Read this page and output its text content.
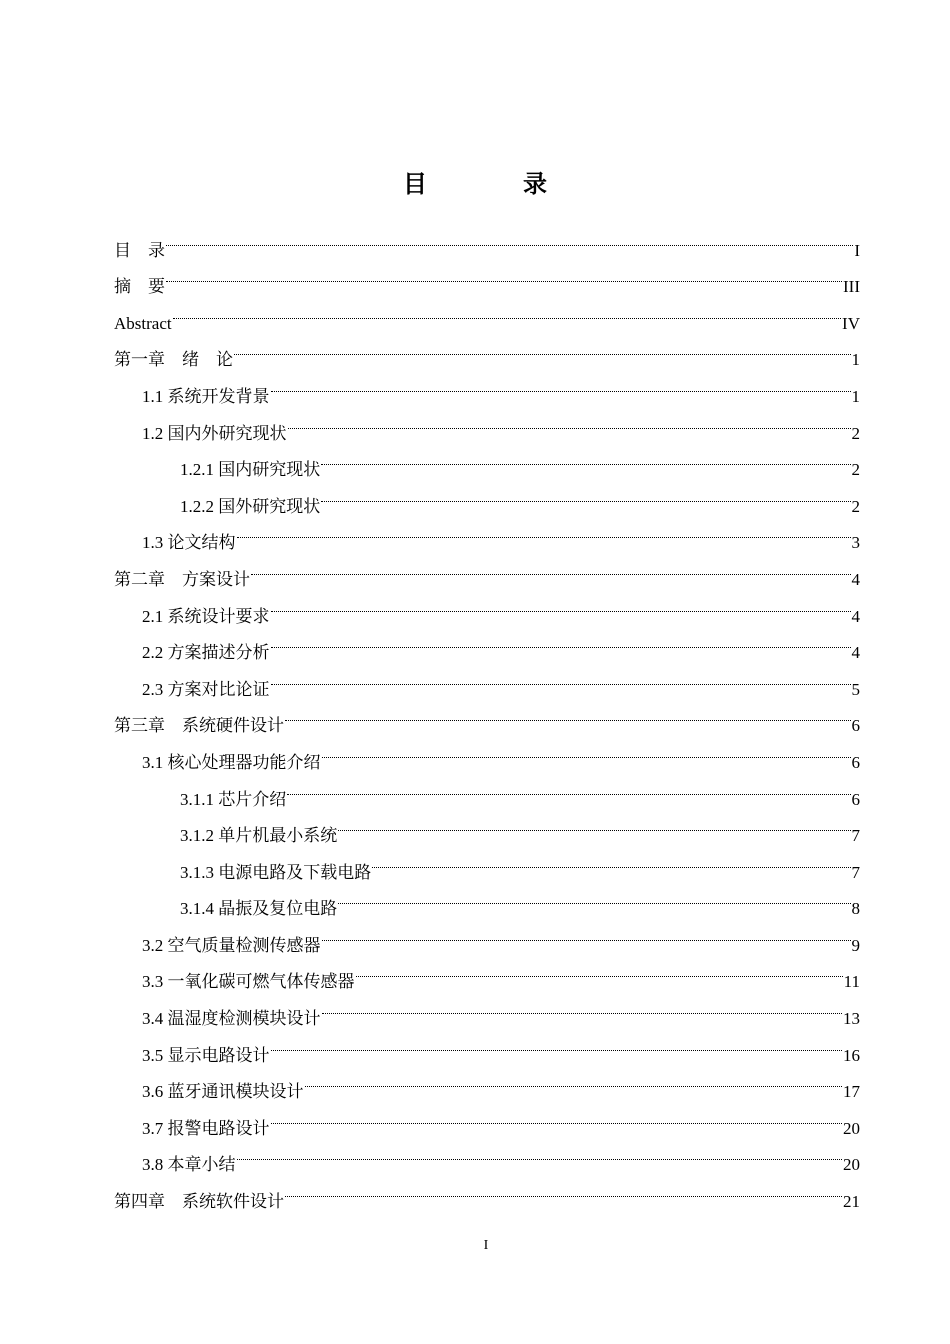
目　录
目　录	I
摘　要	III
Abstract	IV
第一章　绪　论	1
1.1 系统开发背景	1
1.2 国内外研究现状	2
1.2.1 国内研究现状	2
1.2.2 国外研究现状	2
1.3 论文结构	3
第二章　方案设计	4
2.1 系统设计要求	4
2.2 方案描述分析	4
2.3 方案对比论证	5
第三章　系统硬件设计	6
3.1 核心处理器功能介绍	6
3.1.1 芯片介绍	6
3.1.2 单片机最小系统	7
3.1.3 电源电路及下载电路	7
3.1.4 晶振及复位电路	8
3.2 空气质量检测传感器	9
3.3 一氧化碳可燃气体传感器	11
3.4 温湿度检测模块设计	13
3.5 显示电路设计	16
3.6 蓝牙通讯模块设计	17
3.7 报警电路设计	20
3.8 本章小结	20
第四章　系统软件设计	21
I
